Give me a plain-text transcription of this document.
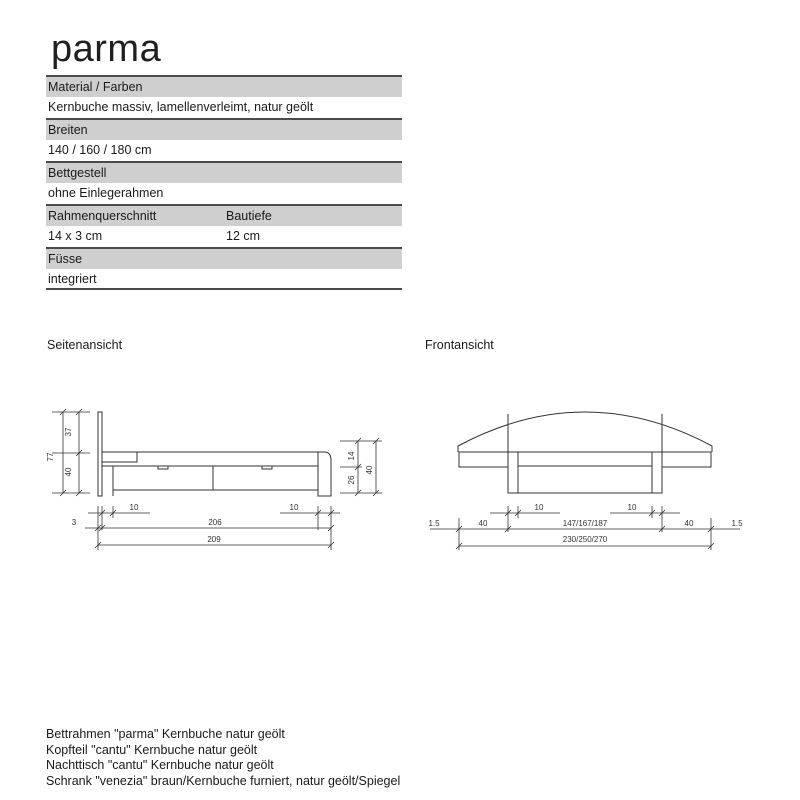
parma
Material / Farben
Kernbuche massiv, lamellenverleimt, natur geölt
Breiten
140 / 160 / 180 cm
Bettgestell
ohne Einlegerahmen
Rahmenquerschnitt	Bautiefe
14 x 3 cm	12 cm
Füsse
integriert
Seitenansicht	Frontansicht
77
37
40
14
26
40
10	10
3	206
209
10	10
1.5	40	147/167/187	40	1.5
230/250/270
Bettrahmen "parma" Kernbuche natur geölt
Kopfteil "cantu" Kernbuche natur geölt
Nachttisch "cantu" Kernbuche natur geölt
Schrank "venezia" braun/Kernbuche furniert, natur geölt/Spiegel
